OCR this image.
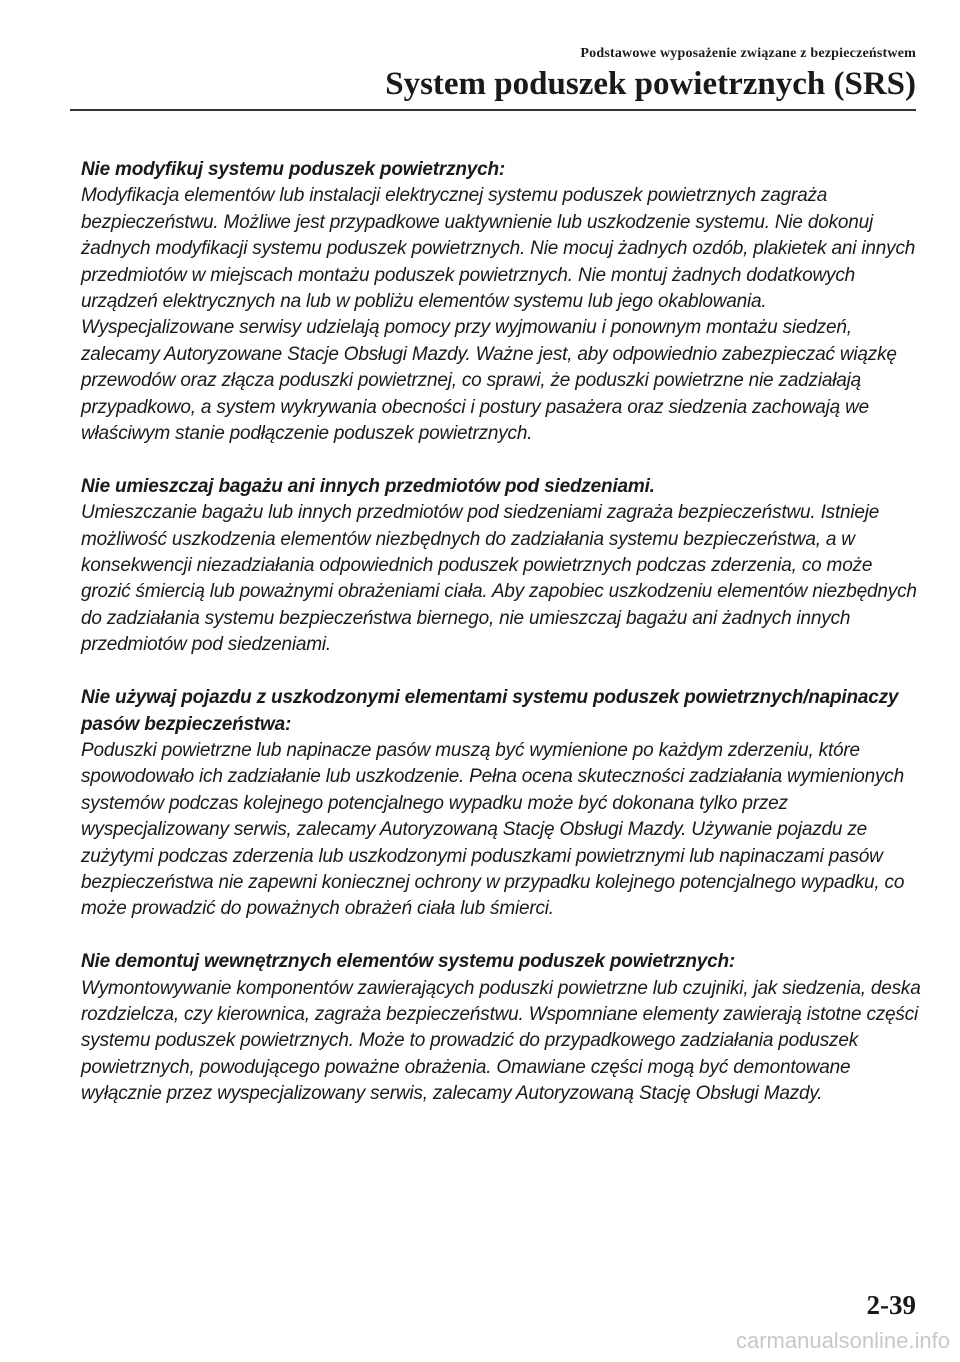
Podstawowe wyposażenie związane z bezpieczeństwem
System poduszek powietrznych (SRS)
Nie modyfikuj systemu poduszek powietrznych:
Modyfikacja elementów lub instalacji elektrycznej systemu poduszek powietrznych zagraża bezpieczeństwu. Możliwe jest przypadkowe uaktywnienie lub uszkodzenie systemu. Nie dokonuj żadnych modyfikacji systemu poduszek powietrznych. Nie mocuj żadnych ozdób, plakietek ani innych przedmiotów w miejscach montażu poduszek powietrznych. Nie montuj żadnych dodatkowych urządzeń elektrycznych na lub w pobliżu elementów systemu lub jego okablowania. Wyspecjalizowane serwisy udzielają pomocy przy wyjmowaniu i ponownym montażu siedzeń, zalecamy Autoryzowane Stacje Obsługi Mazdy. Ważne jest, aby odpowiednio zabezpieczać wiązkę przewodów oraz złącza poduszki powietrznej, co sprawi, że poduszki powietrzne nie zadziałają przypadkowo, a system wykrywania obecności i postury pasażera oraz siedzenia zachowają we właściwym stanie podłączenie poduszek powietrznych.
Nie umieszczaj bagażu ani innych przedmiotów pod siedzeniami.
Umieszczanie bagażu lub innych przedmiotów pod siedzeniami zagraża bezpieczeństwu. Istnieje możliwość uszkodzenia elementów niezbędnych do zadziałania systemu bezpieczeństwa, a w konsekwencji niezadziałania odpowiednich poduszek powietrznych podczas zderzenia, co może grozić śmiercią lub poważnymi obrażeniami ciała. Aby zapobiec uszkodzeniu elementów niezbędnych do zadziałania systemu bezpieczeństwa biernego, nie umieszczaj bagażu ani żadnych innych przedmiotów pod siedzeniami.
Nie używaj pojazdu z uszkodzonymi elementami systemu poduszek powietrznych/napinaczy pasów bezpieczeństwa:
Poduszki powietrzne lub napinacze pasów muszą być wymienione po każdym zderzeniu, które spowodowało ich zadziałanie lub uszkodzenie. Pełna ocena skuteczności zadziałania wymienionych systemów podczas kolejnego potencjalnego wypadku może być dokonana tylko przez wyspecjalizowany serwis, zalecamy Autoryzowaną Stację Obsługi Mazdy. Używanie pojazdu ze zużytymi podczas zderzenia lub uszkodzonymi poduszkami powietrznymi lub napinaczami pasów bezpieczeństwa nie zapewni koniecznej ochrony w przypadku kolejnego potencjalnego wypadku, co może prowadzić do poważnych obrażeń ciała lub śmierci.
Nie demontuj wewnętrznych elementów systemu poduszek powietrznych:
Wymontowywanie komponentów zawierających poduszki powietrzne lub czujniki, jak siedzenia, deska rozdzielcza, czy kierownica, zagraża bezpieczeństwu. Wspomniane elementy zawierają istotne części systemu poduszek powietrznych. Może to prowadzić do przypadkowego zadziałania poduszek powietrznych, powodującego poważne obrażenia. Omawiane części mogą być demontowane wyłącznie przez wyspecjalizowany serwis, zalecamy Autoryzowaną Stację Obsługi Mazdy.
2-39
carmanualsonline.info
